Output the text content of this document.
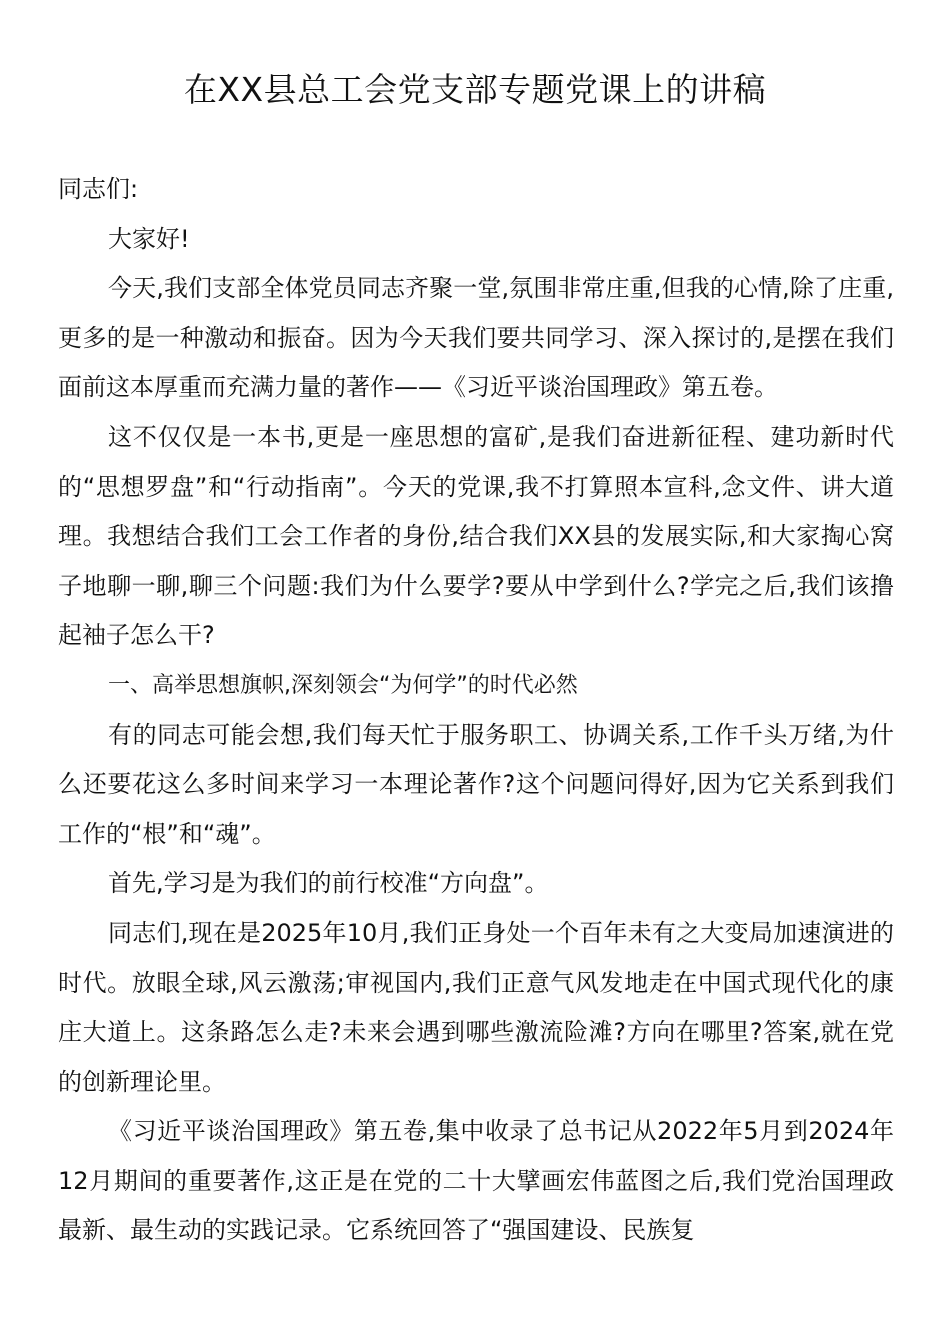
在XX县总工会党支部专题党课上的讲稿

同志们:

大家好!

今天,我们支部全体党员同志齐聚一堂,氛围非常庄重,但我的心情,除了庄重,更多的是一种激动和振奋。因为今天我们要共同学习、深入探讨的,是摆在我们面前这本厚重而充满力量的著作——《习近平谈治国理政》第五卷。

这不仅仅是一本书,更是一座思想的富矿,是我们奋进新征程、建功新时代的“思想罗盘”和“行动指南”。今天的党课,我不打算照本宣科,念文件、讲大道理。我想结合我们工会工作者的身份,结合我们XX县的发展实际,和大家掏心窝子地聊一聊,聊三个问题:我们为什么要学?要从中学到什么?学完之后,我们该撸起袖子怎么干?

一、高举思想旗帜,深刻领会“为何学”的时代必然

有的同志可能会想,我们每天忙于服务职工、协调关系,工作千头万绪,为什么还要花这么多时间来学习一本理论著作?这个问题问得好,因为它关系到我们工作的“根”和“魂”。

首先,学习是为我们的前行校准“方向盘”。

同志们,现在是2025年10月,我们正身处一个百年未有之大变局加速演进的时代。放眼全球,风云激荡;审视国内,我们正意气风发地走在中国式现代化的康庄大道上。这条路怎么走?未来会遇到哪些激流险滩?方向在哪里?答案,就在党的创新理论里。

《习近平谈治国理政》第五卷,集中收录了总书记从2022年5月到2024年12月期间的重要著作,这正是在党的二十大擘画宏伟蓝图之后,我们党治国理政最新、最生动的实践记录。它系统回答了“强国建设、民族复
